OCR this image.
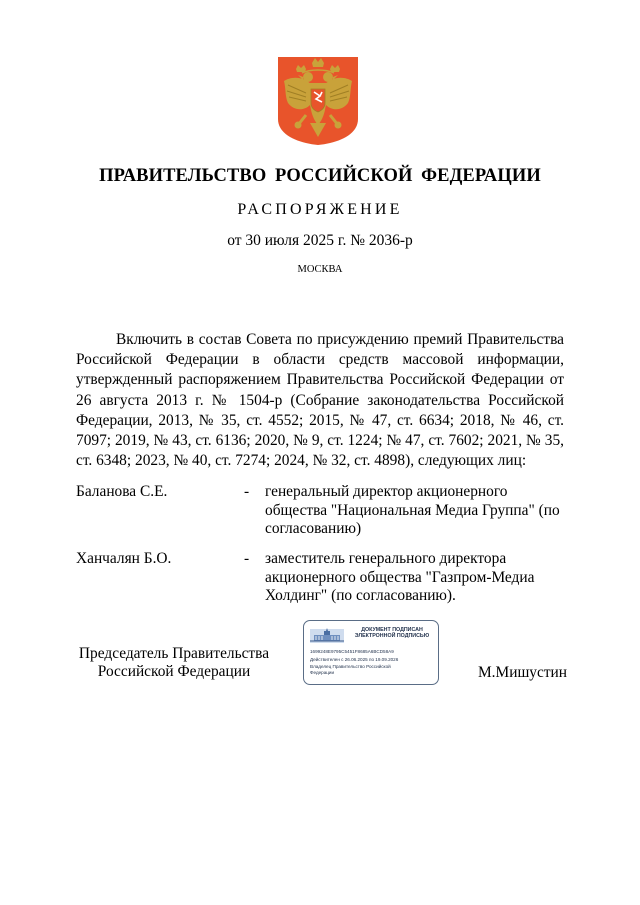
ПРАВИТЕЛЬСТВО РОССИЙСКОЙ ФЕДЕРАЦИИ
РАСПОРЯЖЕНИЕ
от 30 июля 2025 г. № 2036-р
МОСКВА

Включить в состав Совета по присуждению премий Правительства Российской Федерации в области средств массовой информации, утвержденный распоряжением Правительства Российской Федерации от 26 августа 2013 г. № 1504-р (Собрание законодательства Российской Федерации, 2013, № 35, ст. 4552; 2015, № 47, ст. 6634; 2018, № 46, ст. 7097; 2019, № 43, ст. 6136; 2020, № 9, ст. 1224; № 47, ст. 7602; 2021, № 35, ст. 6348; 2023, № 40, ст. 7274; 2024, № 32, ст. 4898), следующих лиц:

Баланова С.Е.	- генеральный директор акционерного общества "Национальная Медиа Группа" (по согласованию)
Ханчалян Б.О.	- заместитель генерального директора акционерного общества "Газпром-Медиа Холдинг" (по согласованию).
Председатель Правительства Российской Федерации
ДОКУМЕНТ ПОДПИСАН ЭЛЕКТРОННОЙ ПОДПИСЬЮ
1699248E9795C5451F8685A6BCD58A9
Действителен с 26.06.2025 по 19.09.2026
Владелец Правительство Российской
Федерации	М.Мишустин
